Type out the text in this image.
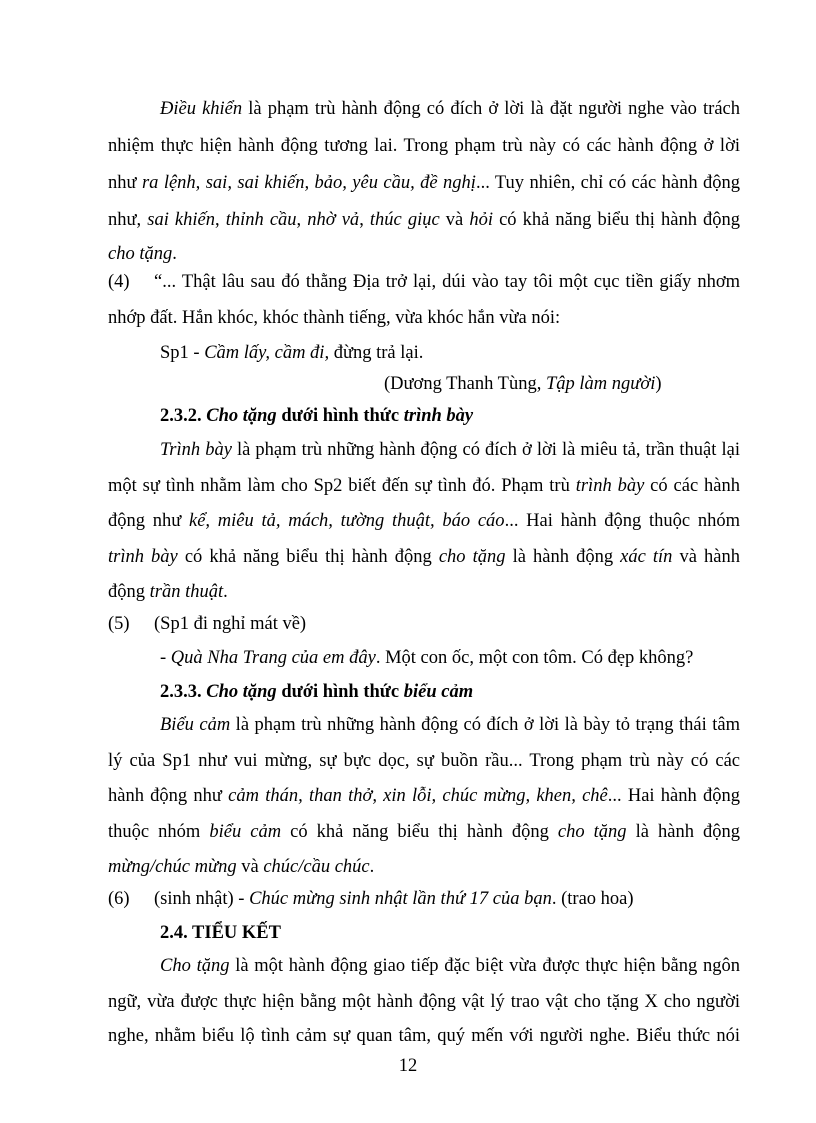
Điều khiển là phạm trù hành động có đích ở lời là đặt người nghe vào trách
nhiệm thực hiện hành động tương lai. Trong phạm trù này có các hành động ở lời
như ra lệnh, sai, sai khiến, bảo, yêu cầu, đề nghị... Tuy nhiên, chỉ có các hành động
như, sai khiến, thỉnh cầu, nhờ vả, thúc giục và hỏi có khả năng biểu thị hành động
cho tặng.
(4) “... Thật lâu sau đó thằng Địa trở lại, dúi vào tay tôi một cục tiền giấy nhơm
nhớp đất. Hắn khóc, khóc thành tiếng, vừa khóc hắn vừa nói:
Sp1 - Cầm lấy, cầm đi, đừng trả lại.
(Dương Thanh Tùng, Tập làm người)
2.3.2. Cho tặng dưới hình thức trình bày
Trình bày là phạm trù những hành động có đích ở lời là miêu tả, trần thuật lại
một sự tình nhằm làm cho Sp2 biết đến sự tình đó. Phạm trù trình bày có các hành
động như kể, miêu tả, mách, tường thuật, báo cáo... Hai hành động thuộc nhóm
trình bày có khả năng biểu thị hành động cho tặng là hành động xác tín và hành
động trần thuật.
(5) (Sp1 đi nghỉ mát về)
- Quà Nha Trang của em đây. Một con ốc, một con tôm. Có đẹp không?
2.3.3. Cho tặng dưới hình thức biểu cảm
Biểu cảm là phạm trù những hành động có đích ở lời là bày tỏ trạng thái tâm
lý của Sp1 như vui mừng, sự bực dọc, sự buồn rầu... Trong phạm trù này có các
hành động như cảm thán, than thở, xin lỗi, chúc mừng, khen, chê... Hai hành động
thuộc nhóm biểu cảm có khả năng biểu thị hành động cho tặng là hành động
mừng/chúc mừng và chúc/cầu chúc.
(6) (sinh nhật) - Chúc mừng sinh nhật lần thứ 17 của bạn. (trao hoa)
2.4. TIỂU KẾT
Cho tặng là một hành động giao tiếp đặc biệt vừa được thực hiện bằng ngôn
ngữ, vừa được thực hiện bằng một hành động vật lý trao vật cho tặng X cho người
nghe, nhằm biểu lộ tình cảm sự quan tâm, quý mến với người nghe. Biểu thức nói
12
